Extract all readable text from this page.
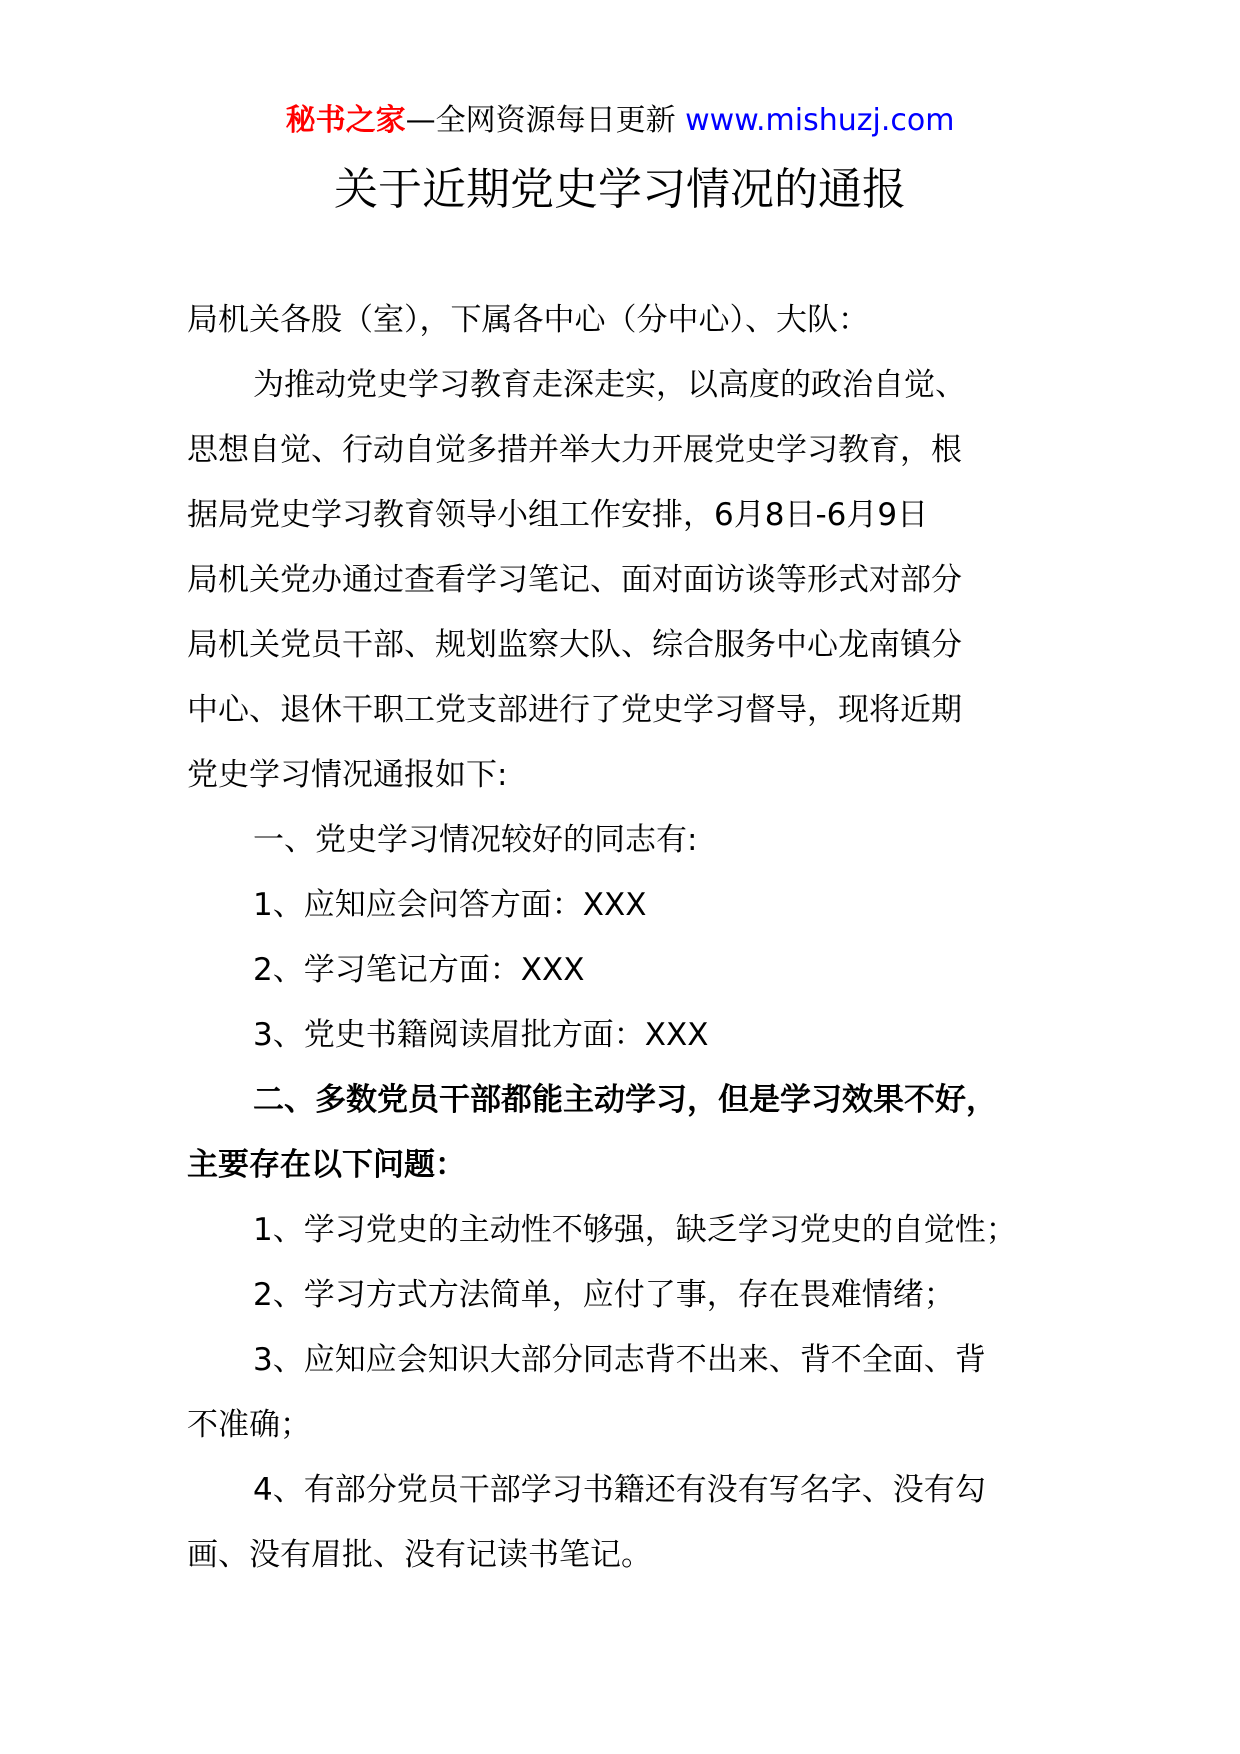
秘书之家—全网资源每日更新 www.mishuzj.com
关于近期党史学习情况的通报

局机关各股（室），下属各中心（分中心）、大队：

为推动党史学习教育走深走实，以高度的政治自觉、

思想自觉、行动自觉多措并举大力开展党史学习教育，根

据局党史学习教育领导小组工作安排，6月8日-6月9日

局机关党办通过查看学习笔记、面对面访谈等形式对部分

局机关党员干部、规划监察大队、综合服务中心龙南镇分

中心、退休干职工党支部进行了党史学习督导，现将近期

党史学习情况通报如下:

一、党史学习情况较好的同志有:

1、应知应会问答方面：XXX

2、学习笔记方面：XXX

3、党史书籍阅读眉批方面：XXX

二、多数党员干部都能主动学习，但是学习效果不好，

主要存在以下问题：

1、学习党史的主动性不够强，缺乏学习党史的自觉性；

2、学习方式方法简单，应付了事，存在畏难情绪；

3、应知应会知识大部分同志背不出来、背不全面、背

不准确；

4、有部分党员干部学习书籍还有没有写名字、没有勾

画、没有眉批、没有记读书笔记。
